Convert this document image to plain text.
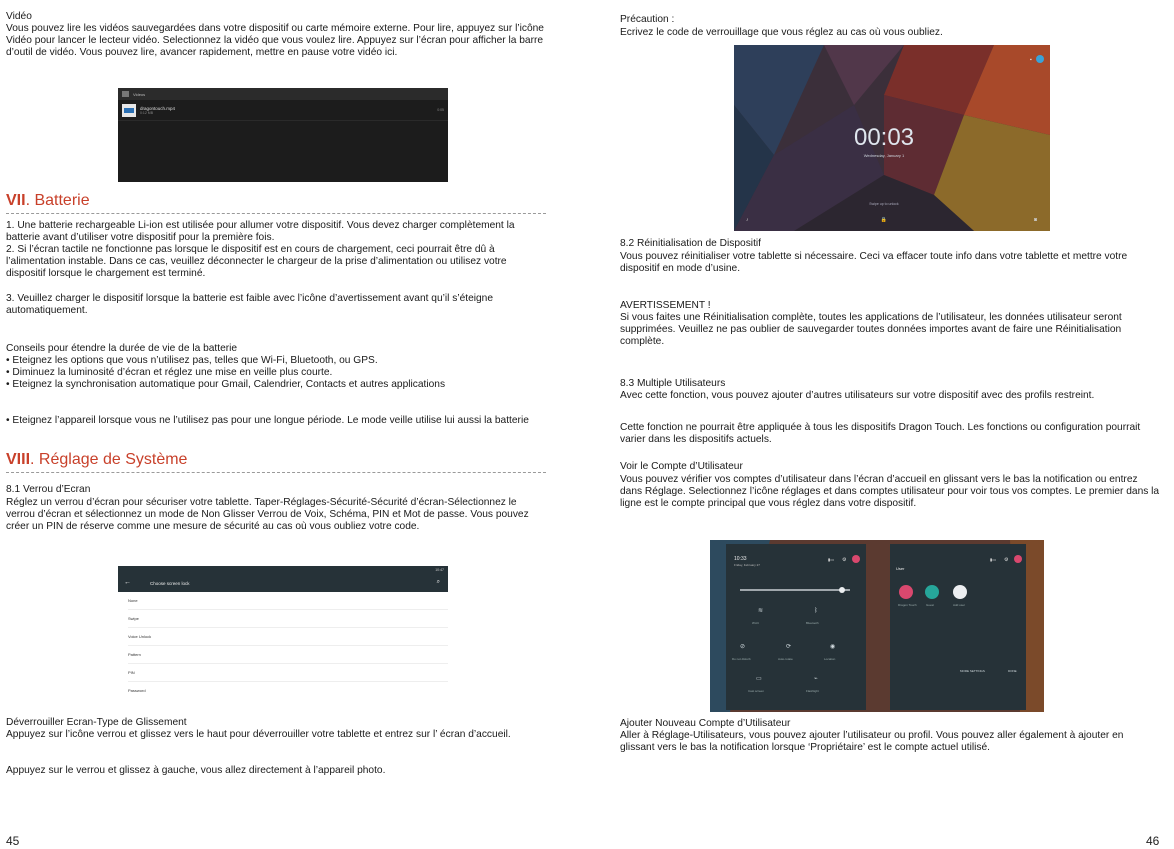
Vidéo

Vous pouvez lire les vidéos sauvegardées dans votre dispositif ou carte mémoire externe. Pour lire, appuyez sur l’icône Vidéo pour lancer le lecteur vidéo. Selectionnez la vidéo que vous voulez lire. Appuyez sur l’écran pour afficher la barre d’outil de vidéo. Vous pouvez lire, avancer rapidement, mettre en pause votre vidéo ici.

Videos
dragontouch.mp4
0:12 MB
0:05
VII. Batterie

1. Une batterie rechargeable Li-ion est utilisée pour allumer votre dispositif. Vous devez charger complètement la batterie avant d’utiliser votre dispositif pour la première fois.

2. Si l’écran tactile ne fonctionne pas lorsque le dispositif est en cours de chargement, ceci pourrait être dû à l’alimentation instable. Dans ce cas, veuillez déconnecter le chargeur de la prise d’alimentation ou utilisez votre dispositif lorsque le chargement est terminé.

3. Veuillez charger le dispositif lorsque la batterie est faible avec l’icône d’avertissement avant qu’il s’éteigne automatiquement.

Conseils pour étendre la durée de vie de la batterie

• Eteignez les options que vous n’utilisez pas, telles que Wi-Fi, Bluetooth, ou GPS.

• Diminuez la luminosité d’écran et réglez une mise en veille plus courte.

• Eteignez la synchronisation automatique pour Gmail, Calendrier, Contacts et autres applications

• Eteignez l’appareil lorsque vous ne l’utilisez pas pour une longue période. Le mode veille utilise lui aussi la batterie

VIII. Réglage de Système

8.1 Verrou d’Ecran

Réglez un verrou d’écran pour sécuriser votre tablette. Taper-Réglages-Sécurité-Sécurité d’écran-Sélectionnez le verrou d’écran et sélectionnez un mode de Non Glisser Verrou de Voix, Schéma, PIN et Mot de passe. Vous pouvez créer un PIN de réserve comme une mesure de sécurité au cas où vous oubliez votre code.

←	Choose screen lock
10:47
⌕
None
Swipe
Voice Unlock
Pattern
PIN
Password

Déverrouiller Ecran-Type de Glissement

Appuyez sur l’icône verrou et glissez vers le haut pour déverrouiller votre tablette et entrez sur l’ écran d’accueil.

Appuyez sur le verrou et glissez à gauche, vous allez directement à l’appareil photo.

45

Précaution :

Ecrivez le code de verrouillage que vous réglez au cas où vous oubliez.

00:03
Wednesday, January 1
Swipe up to unlock
🔒
▪
♪	◙

8.2 Réinitialisation de Dispositif

Vous pouvez réinitialiser votre tablette si nécessaire. Ceci va effacer toute info dans votre tablette et mettre votre dispositif en mode d’usine.

AVERTISSEMENT !

Si vous faites une Réinitialisation complète, toutes les applications de l’utilisateur, les données utilisateur seront supprimées. Veuillez ne pas oublier de sauvegarder toutes données importes avant de faire une Réinitialisation complète.

8.3 Multiple Utilisateurs

Avec cette fonction, vous pouvez ajouter d’autres utilisateurs sur votre dispositif avec des profils restreint.

Cette fonction ne pourrait être appliquée à tous les dispositifs Dragon Touch. Les fonctions ou configuration pourrait varier dans les dispositifs actuels.

Voir le Compte d’Utilisateur

Vous pouvez vérifier vos comptes d’utilisateur dans l’écran d’accueil en glissant vers le bas la notification ou entrez dans Réglage. Selectionnez l’icône réglages et dans comptes utilisateur pour voir tous vos comptes. Le premier dans la ligne est le compte principal que vous réglez dans votre dispositif.

10:33
Friday, February 27
▮▭ ⚙
≋
Wi-Fi
ᛒ
Bluetooth
⊘
Do not disturb
⟳
Auto-rotate
◉
Location
▭
Cast screen
⌁
Flashlight
User
▮▭ ⚙
Dragon Touch	Guest	Add user
MORE SETTINGS	DONE

Ajouter Nouveau Compte d’Utilisateur

Aller à Réglage-Utilisateurs, vous pouvez ajouter l’utilisateur ou profil. Vous pouvez aller également à ajouter en glissant vers le bas la notification lorsque ‘Propriétaire’ est le compte actuel utilisé.

46
